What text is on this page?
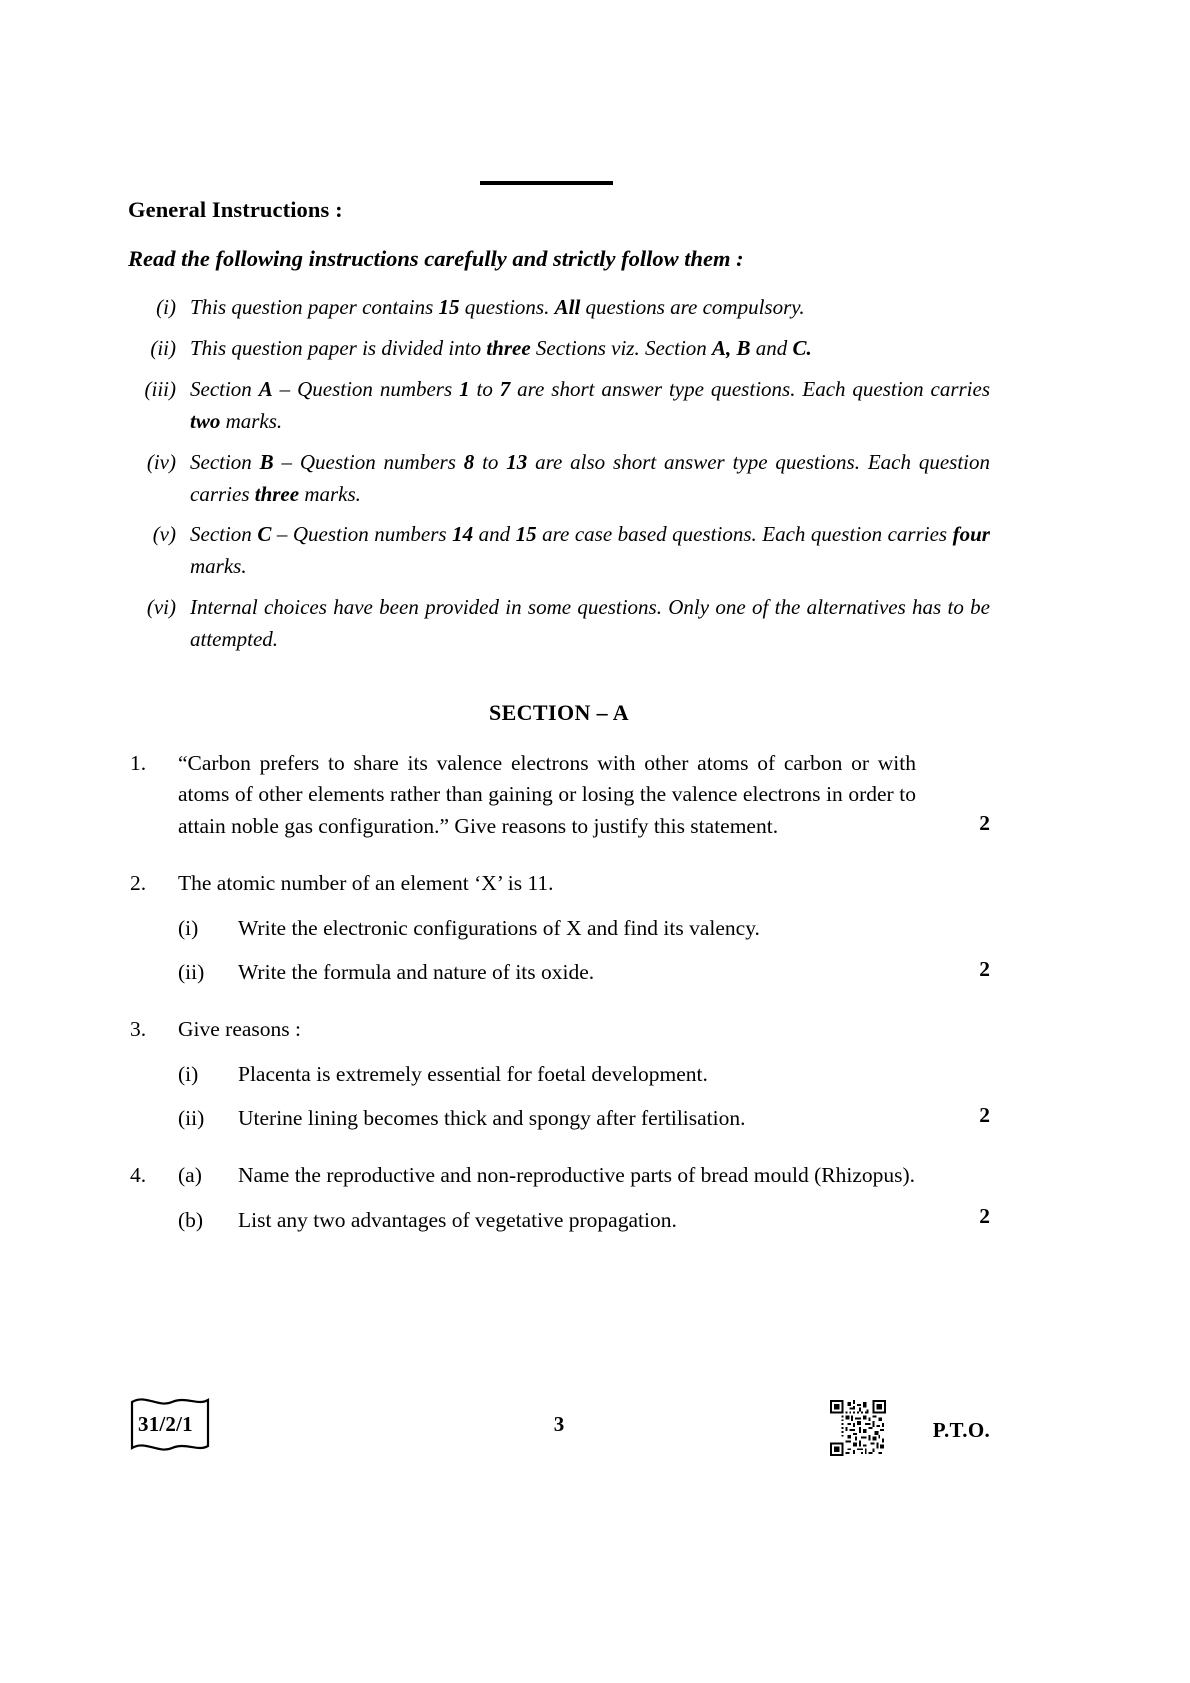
General Instructions :
Read the following instructions carefully and strictly follow them :
(i) This question paper contains 15 questions. All questions are compulsory.
(ii) This question paper is divided into three Sections viz. Section A, B and C.
(iii) Section A – Question numbers 1 to 7 are short answer type questions. Each question carries two marks.
(iv) Section B – Question numbers 8 to 13 are also short answer type questions. Each question carries three marks.
(v) Section C – Question numbers 14 and 15 are case based questions. Each question carries four marks.
(vi) Internal choices have been provided in some questions. Only one of the alternatives has to be attempted.
SECTION – A
1.	“Carbon prefers to share its valence electrons with other atoms of carbon or with atoms of other elements rather than gaining or losing the valence electrons in order to attain noble gas configuration.” Give reasons to justify this statement.	2
2.	The atomic number of an element ‘X’ is 11.
(i)	Write the electronic configurations of X and find its valency.
(ii)	Write the formula and nature of its oxide.	2
3.	Give reasons :
(i)	Placenta is extremely essential for foetal development.
(ii)	Uterine lining becomes thick and spongy after fertilisation.	2
4.	(a)	Name the reproductive and non-reproductive parts of bread mould (Rhizopus).
(b)	List any two advantages of vegetative propagation.	2
31/2/1	3	P.T.O.
